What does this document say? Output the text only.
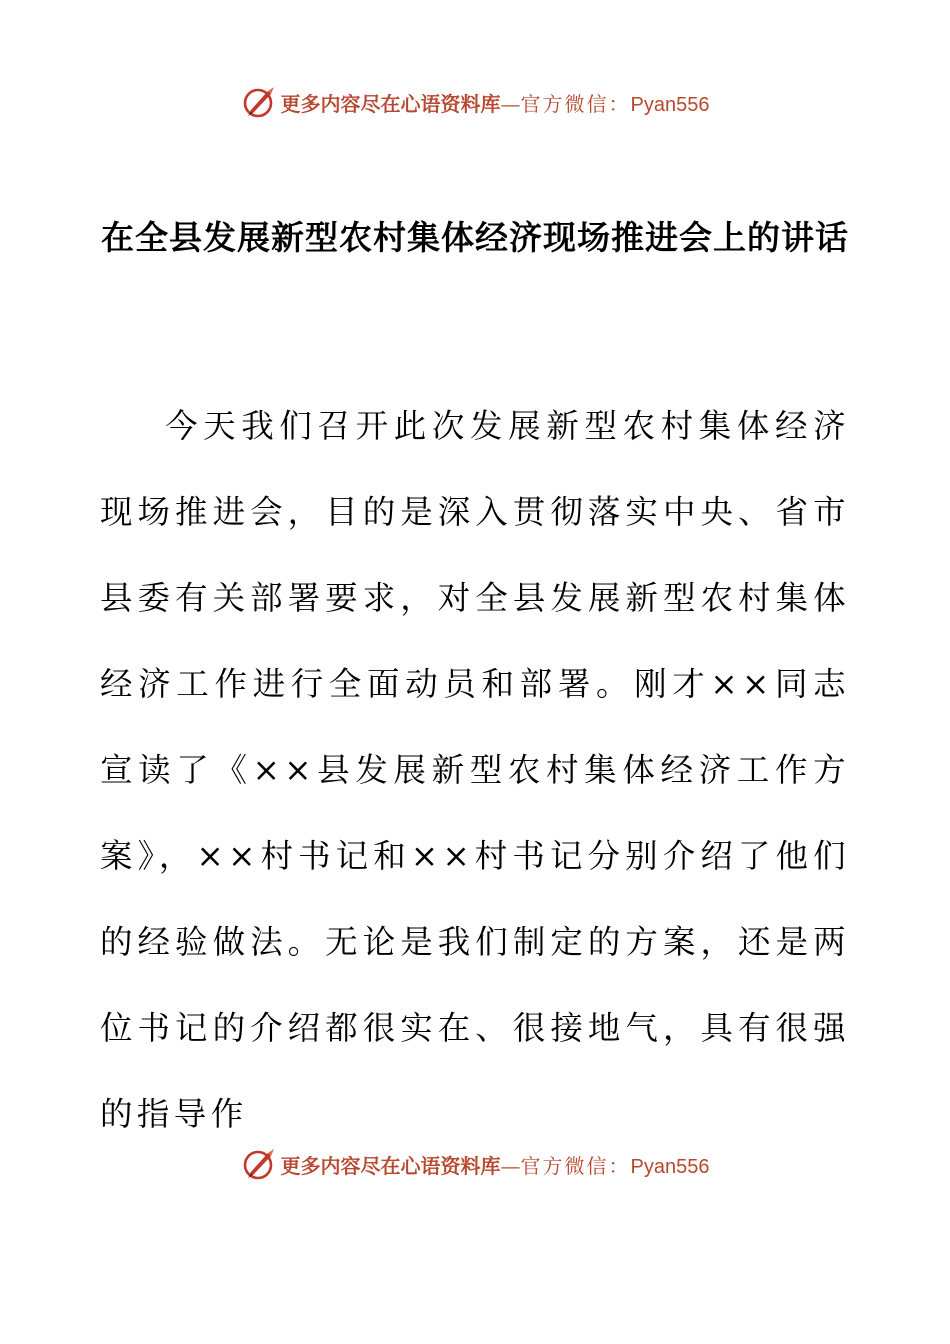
更多内容尽在心语资料库 — 官方微信： Pyan556
在全县发展新型农村集体经济现场推进会上的讲话

今天我们召开此次发展新型农村集体经济现场推进会，目的是深入贯彻落实中央、省市县委有关部署要求，对全县发展新型农村集体经济工作进行全面动员和部署。刚才××同志宣读了《××县发展新型农村集体经济工作方案》，××村书记和××村书记分别介绍了他们的经验做法。无论是我们制定的方案，还是两位书记的介绍都很实在、很接地气，具有很强的指导作

更多内容尽在心语资料库 — 官方微信： Pyan556
